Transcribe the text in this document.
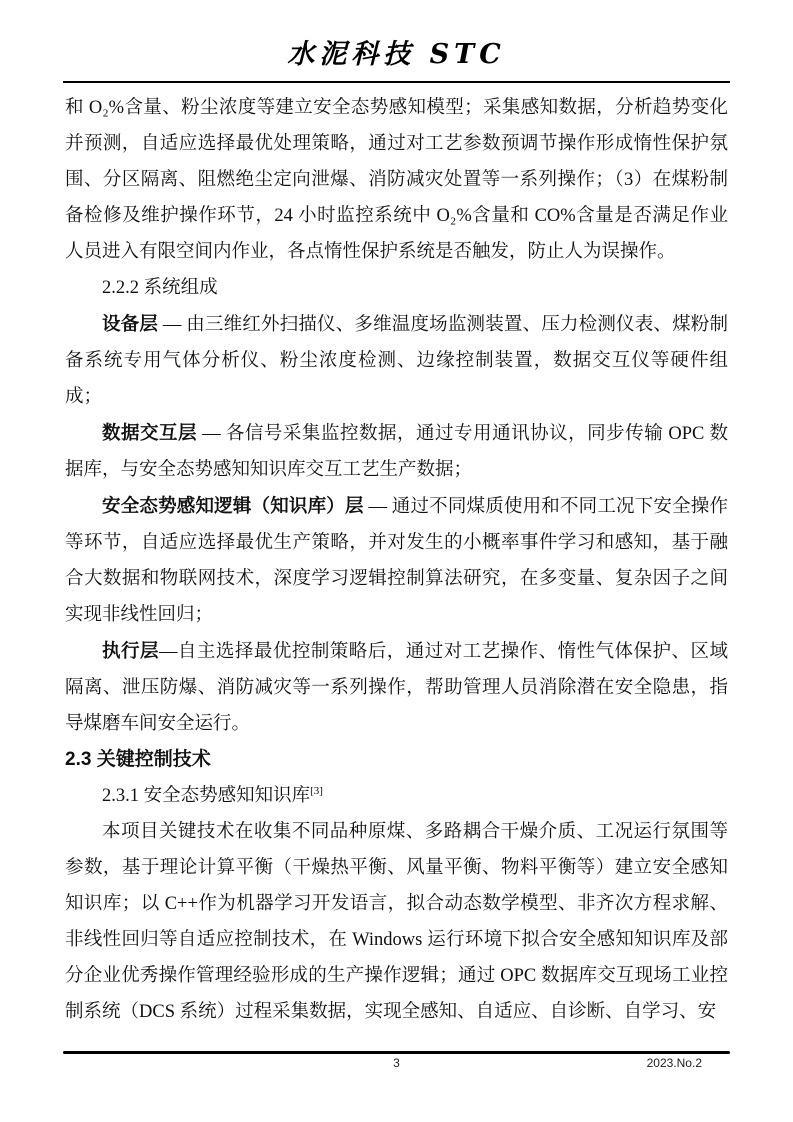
水泥科技 STC

和 O₂%含量、粉尘浓度等建立安全态势感知模型；采集感知数据，分析趋势变化并预测，自适应选择最优处理策略，通过对工艺参数预调节操作形成惰性保护氛围、分区隔离、阻燃绝尘定向泄爆、消防减灾处置等一系列操作；（3）在煤粉制备检修及维护操作环节，24 小时监控系统中 O₂%含量和 CO%含量是否满足作业人员进入有限空间内作业，各点惰性保护系统是否触发，防止人为误操作。

2.2.2 系统组成

设备层 — 由三维红外扫描仪、多维温度场监测装置、压力检测仪表、煤粉制备系统专用气体分析仪、粉尘浓度检测、边缘控制装置，数据交互仪等硬件组成；

数据交互层 — 各信号采集监控数据，通过专用通讯协议，同步传输 OPC 数据库，与安全态势感知知识库交互工艺生产数据；

安全态势感知逻辑（知识库）层 — 通过不同煤质使用和不同工况下安全操作等环节，自适应选择最优生产策略，并对发生的小概率事件学习和感知，基于融合大数据和物联网技术，深度学习逻辑控制算法研究，在多变量、复杂因子之间实现非线性回归；

执行层—自主选择最优控制策略后，通过对工艺操作、惰性气体保护、区域隔离、泄压防爆、消防减灾等一系列操作，帮助管理人员消除潜在安全隐患，指导煤磨车间安全运行。

2.3 关键控制技术

2.3.1 安全态势感知知识库[3]

本项目关键技术在收集不同品种原煤、多路耦合干燥介质、工况运行氛围等参数，基于理论计算平衡（干燥热平衡、风量平衡、物料平衡等）建立安全感知知识库；以 C++作为机器学习开发语言，拟合动态数学模型、非齐次方程求解、非线性回归等自适应控制技术，在 Windows 运行环境下拟合安全感知知识库及部分企业优秀操作管理经验形成的生产操作逻辑；通过 OPC 数据库交互现场工业控制系统（DCS 系统）过程采集数据，实现全感知、自适应、自诊断、自学习、安

3	2023.No.2
